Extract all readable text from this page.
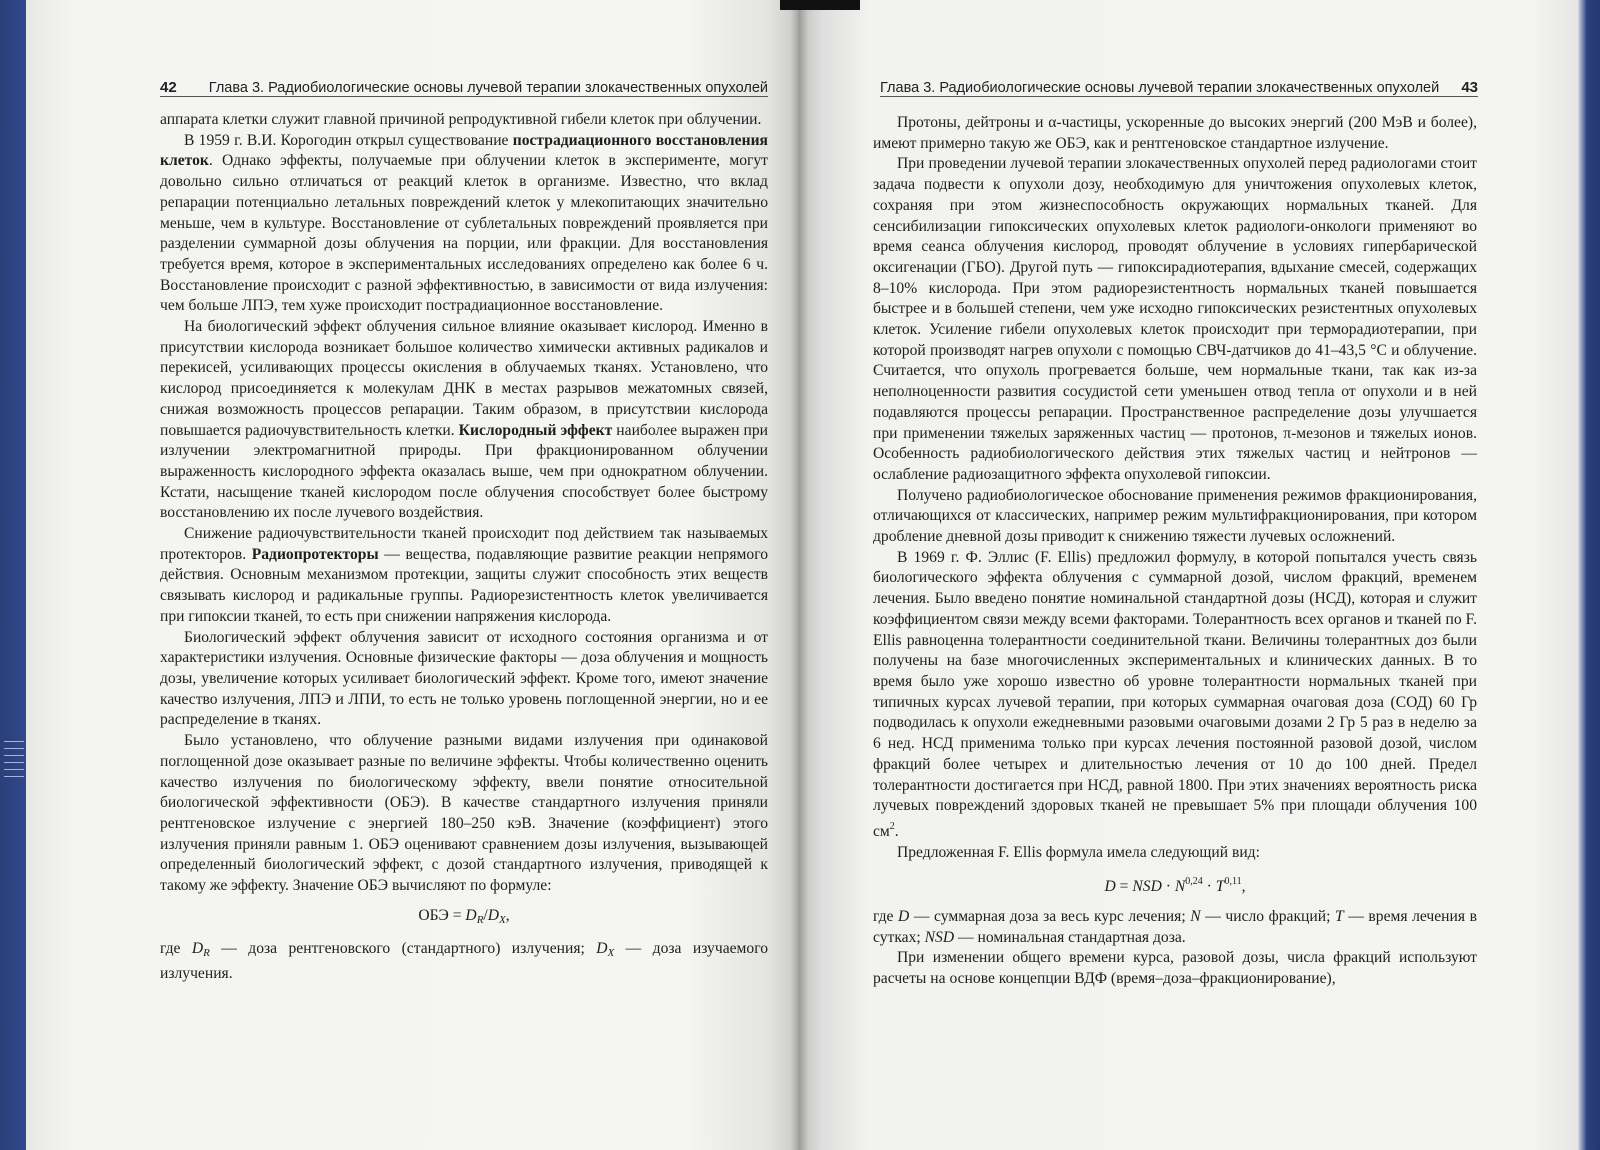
42 Глава 3. Радиобиологические основы лучевой терапии злокачественных опухолей

аппарата клетки служит главной причиной репродуктивной гибели клеток при облучении.

В 1959 г. В.И. Корогодин открыл существование пострадиационного восстановления клеток. Однако эффекты, получаемые при облучении клеток в эксперименте, могут довольно сильно отличаться от реакций клеток в организме. Известно, что вклад репарации потенциально летальных повреждений клеток у млекопитающих значительно меньше, чем в культуре. Восстановление от сублетальных повреждений проявляется при разделении суммарной дозы облучения на порции, или фракции. Для восстановления требуется время, которое в экспериментальных исследованиях определено как более 6 ч. Восстановление происходит с разной эффективностью, в зависимости от вида излучения: чем больше ЛПЭ, тем хуже происходит пострадиационное восстановление.

На биологический эффект облучения сильное влияние оказывает кислород. Именно в присутствии кислорода возникает большое количество химически активных радикалов и перекисей, усиливающих процессы окисления в облучаемых тканях. Установлено, что кислород присоединяется к молекулам ДНК в местах разрывов межатомных связей, снижая возможность процессов репарации. Таким образом, в присутствии кислорода повышается радиочувствительность клетки. Кислородный эффект наиболее выражен при излучении электромагнитной природы. При фракционированном облучении выраженность кислородного эффекта оказалась выше, чем при однократном облучении. Кстати, насыщение тканей кислородом после облучения способствует более быстрому восстановлению их после лучевого воздействия.

Снижение радиочувствительности тканей происходит под действием так называемых протекторов. Радиопротекторы — вещества, подавляющие развитие реакции непрямого действия. Основным механизмом протекции, защиты служит способность этих веществ связывать кислород и радикальные группы. Радиорезистентность клеток увеличивается при гипоксии тканей, то есть при снижении напряжения кислорода.

Биологический эффект облучения зависит от исходного состояния организма и от характеристики излучения. Основные физические факторы — доза облучения и мощность дозы, увеличение которых усиливает биологический эффект. Кроме того, имеют значение качество излучения, ЛПЭ и ЛПИ, то есть не только уровень поглощенной энергии, но и ее распределение в тканях.

Было установлено, что облучение разными видами излучения при одинаковой поглощенной дозе оказывает разные по величине эффекты. Чтобы количественно оценить качество излучения по биологическому эффекту, ввели понятие относительной биологической эффективности (ОБЭ). В качестве стандартного излучения приняли рентгеновское излучение с энергией 180–250 кэВ. Значение (коэффициент) этого излучения приняли равным 1. ОБЭ оценивают сравнением дозы излучения, вызывающей определенный биологический эффект, с дозой стандартного излучения, приводящей к такому же эффекту. Значение ОБЭ вычисляют по формуле:

ОБЭ = $D_R/D_X$,

где $D_R$ — доза рентгеновского (стандартного) излучения; $D_X$ — доза изучаемого излучения.

Глава 3. Радиобиологические основы лучевой терапии злокачественных опухолей 43

Протоны, дейтроны и α-частицы, ускоренные до высоких энергий (200 МэВ и более), имеют примерно такую же ОБЭ, как и рентгеновское стандартное излучение.

При проведении лучевой терапии злокачественных опухолей перед радиологами стоит задача подвести к опухоли дозу, необходимую для уничтожения опухолевых клеток, сохраняя при этом жизнеспособность окружающих нормальных тканей. Для сенсибилизации гипоксических опухолевых клеток радиологи-онкологи применяют во время сеанса облучения кислород, проводят облучение в условиях гипербарической оксигенации (ГБО). Другой путь — гипоксирадиотерапия, вдыхание смесей, содержащих 8–10% кислорода. При этом радиорезистентность нормальных тканей повышается быстрее и в большей степени, чем уже исходно гипоксических резистентных опухолевых клеток. Усиление гибели опухолевых клеток происходит при терморадиотерапии, при которой производят нагрев опухоли с помощью СВЧ-датчиков до 41–43,5 °С и облучение. Считается, что опухоль прогревается больше, чем нормальные ткани, так как из-за неполноценности развития сосудистой сети уменьшен отвод тепла от опухоли и в ней подавляются процессы репарации. Пространственное распределение дозы улучшается при применении тяжелых заряженных частиц — протонов, π-мезонов и тяжелых ионов. Особенность радиобиологического действия этих тяжелых частиц и нейтронов — ослабление радиозащитного эффекта опухолевой гипоксии.

Получено радиобиологическое обоснование применения режимов фракционирования, отличающихся от классических, например режим мультифракционирования, при котором дробление дневной дозы приводит к снижению тяжести лучевых осложнений.

В 1969 г. Ф. Эллис (F. Ellis) предложил формулу, в которой попытался учесть связь биологического эффекта облучения с суммарной дозой, числом фракций, временем лечения. Было введено понятие номинальной стандартной дозы (НСД), которая и служит коэффициентом связи между всеми факторами. Толерантность всех органов и тканей по F. Ellis равноценна толерантности соединительной ткани. Величины толерантных доз были получены на базе многочисленных экспериментальных и клинических данных. В то время было уже хорошо известно об уровне толерантности нормальных тканей при типичных курсах лучевой терапии, при которых суммарная очаговая доза (СОД) 60 Гр подводилась к опухоли ежедневными разовыми очаговыми дозами 2 Гр 5 раз в неделю за 6 нед. НСД применима только при курсах лечения постоянной разовой дозой, числом фракций более четырех и длительностью лечения от 10 до 100 дней. Предел толерантности достигается при НСД, равной 1800. При этих значениях вероятность риска лучевых повреждений здоровых тканей не превышает 5% при площади облучения 100 $см^2$.

Предложенная F. Ellis формула имела следующий вид:

D = NSD · N$^{0,24}$ · T$^{0,11}$,

где D — суммарная доза за весь курс лечения; N — число фракций; T — время лечения в сутках; NSD — номинальная стандартная доза.

При изменении общего времени курса, разовой дозы, числа фракций используют расчеты на основе концепции ВДФ (время–доза–фракционирование),
